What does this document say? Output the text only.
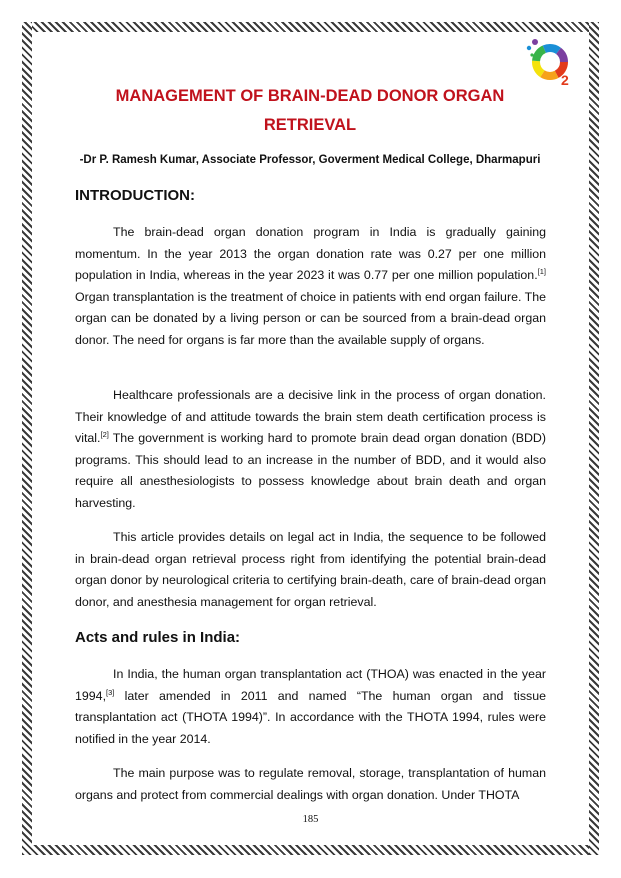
2
MANAGEMENT OF BRAIN-DEAD DONOR ORGAN
RETRIEVAL

-Dr P. Ramesh Kumar, Associate Professor, Goverment Medical College, Dharmapuri

INTRODUCTION:

The brain-dead organ donation program in India is gradually gaining momentum. In the year 2013 the organ donation rate was 0.27 per one million population in India, whereas in the year 2023 it was 0.77 per one million population.[1] Organ transplantation is the treatment of choice in patients with end organ failure. The organ can be donated by a living person or can be sourced from a brain-dead organ donor. The need for organs is far more than the available supply of organs.

Healthcare professionals are a decisive link in the process of organ donation. Their knowledge of and attitude towards the brain stem death certification process is vital.[2] The government is working hard to promote brain dead organ donation (BDD) programs. This should lead to an increase in the number of BDD, and it would also require all anesthesiologists to possess knowledge about brain death and organ harvesting.

This article provides details on legal act in India, the sequence to be followed in brain-dead organ retrieval process right from identifying the potential brain-dead organ donor by neurological criteria to certifying brain-death, care of brain-dead organ donor, and anesthesia management for organ retrieval.

Acts and rules in India:

In India, the human organ transplantation act (THOA) was enacted in the year 1994,[3] later amended in 2011 and named “The human organ and tissue transplantation act (THOTA 1994)”. In accordance with the THOTA 1994, rules were notified in the year 2014.

The main purpose was to regulate removal, storage, transplantation of human organs and protect from commercial dealings with organ donation. Under THOTA

185
